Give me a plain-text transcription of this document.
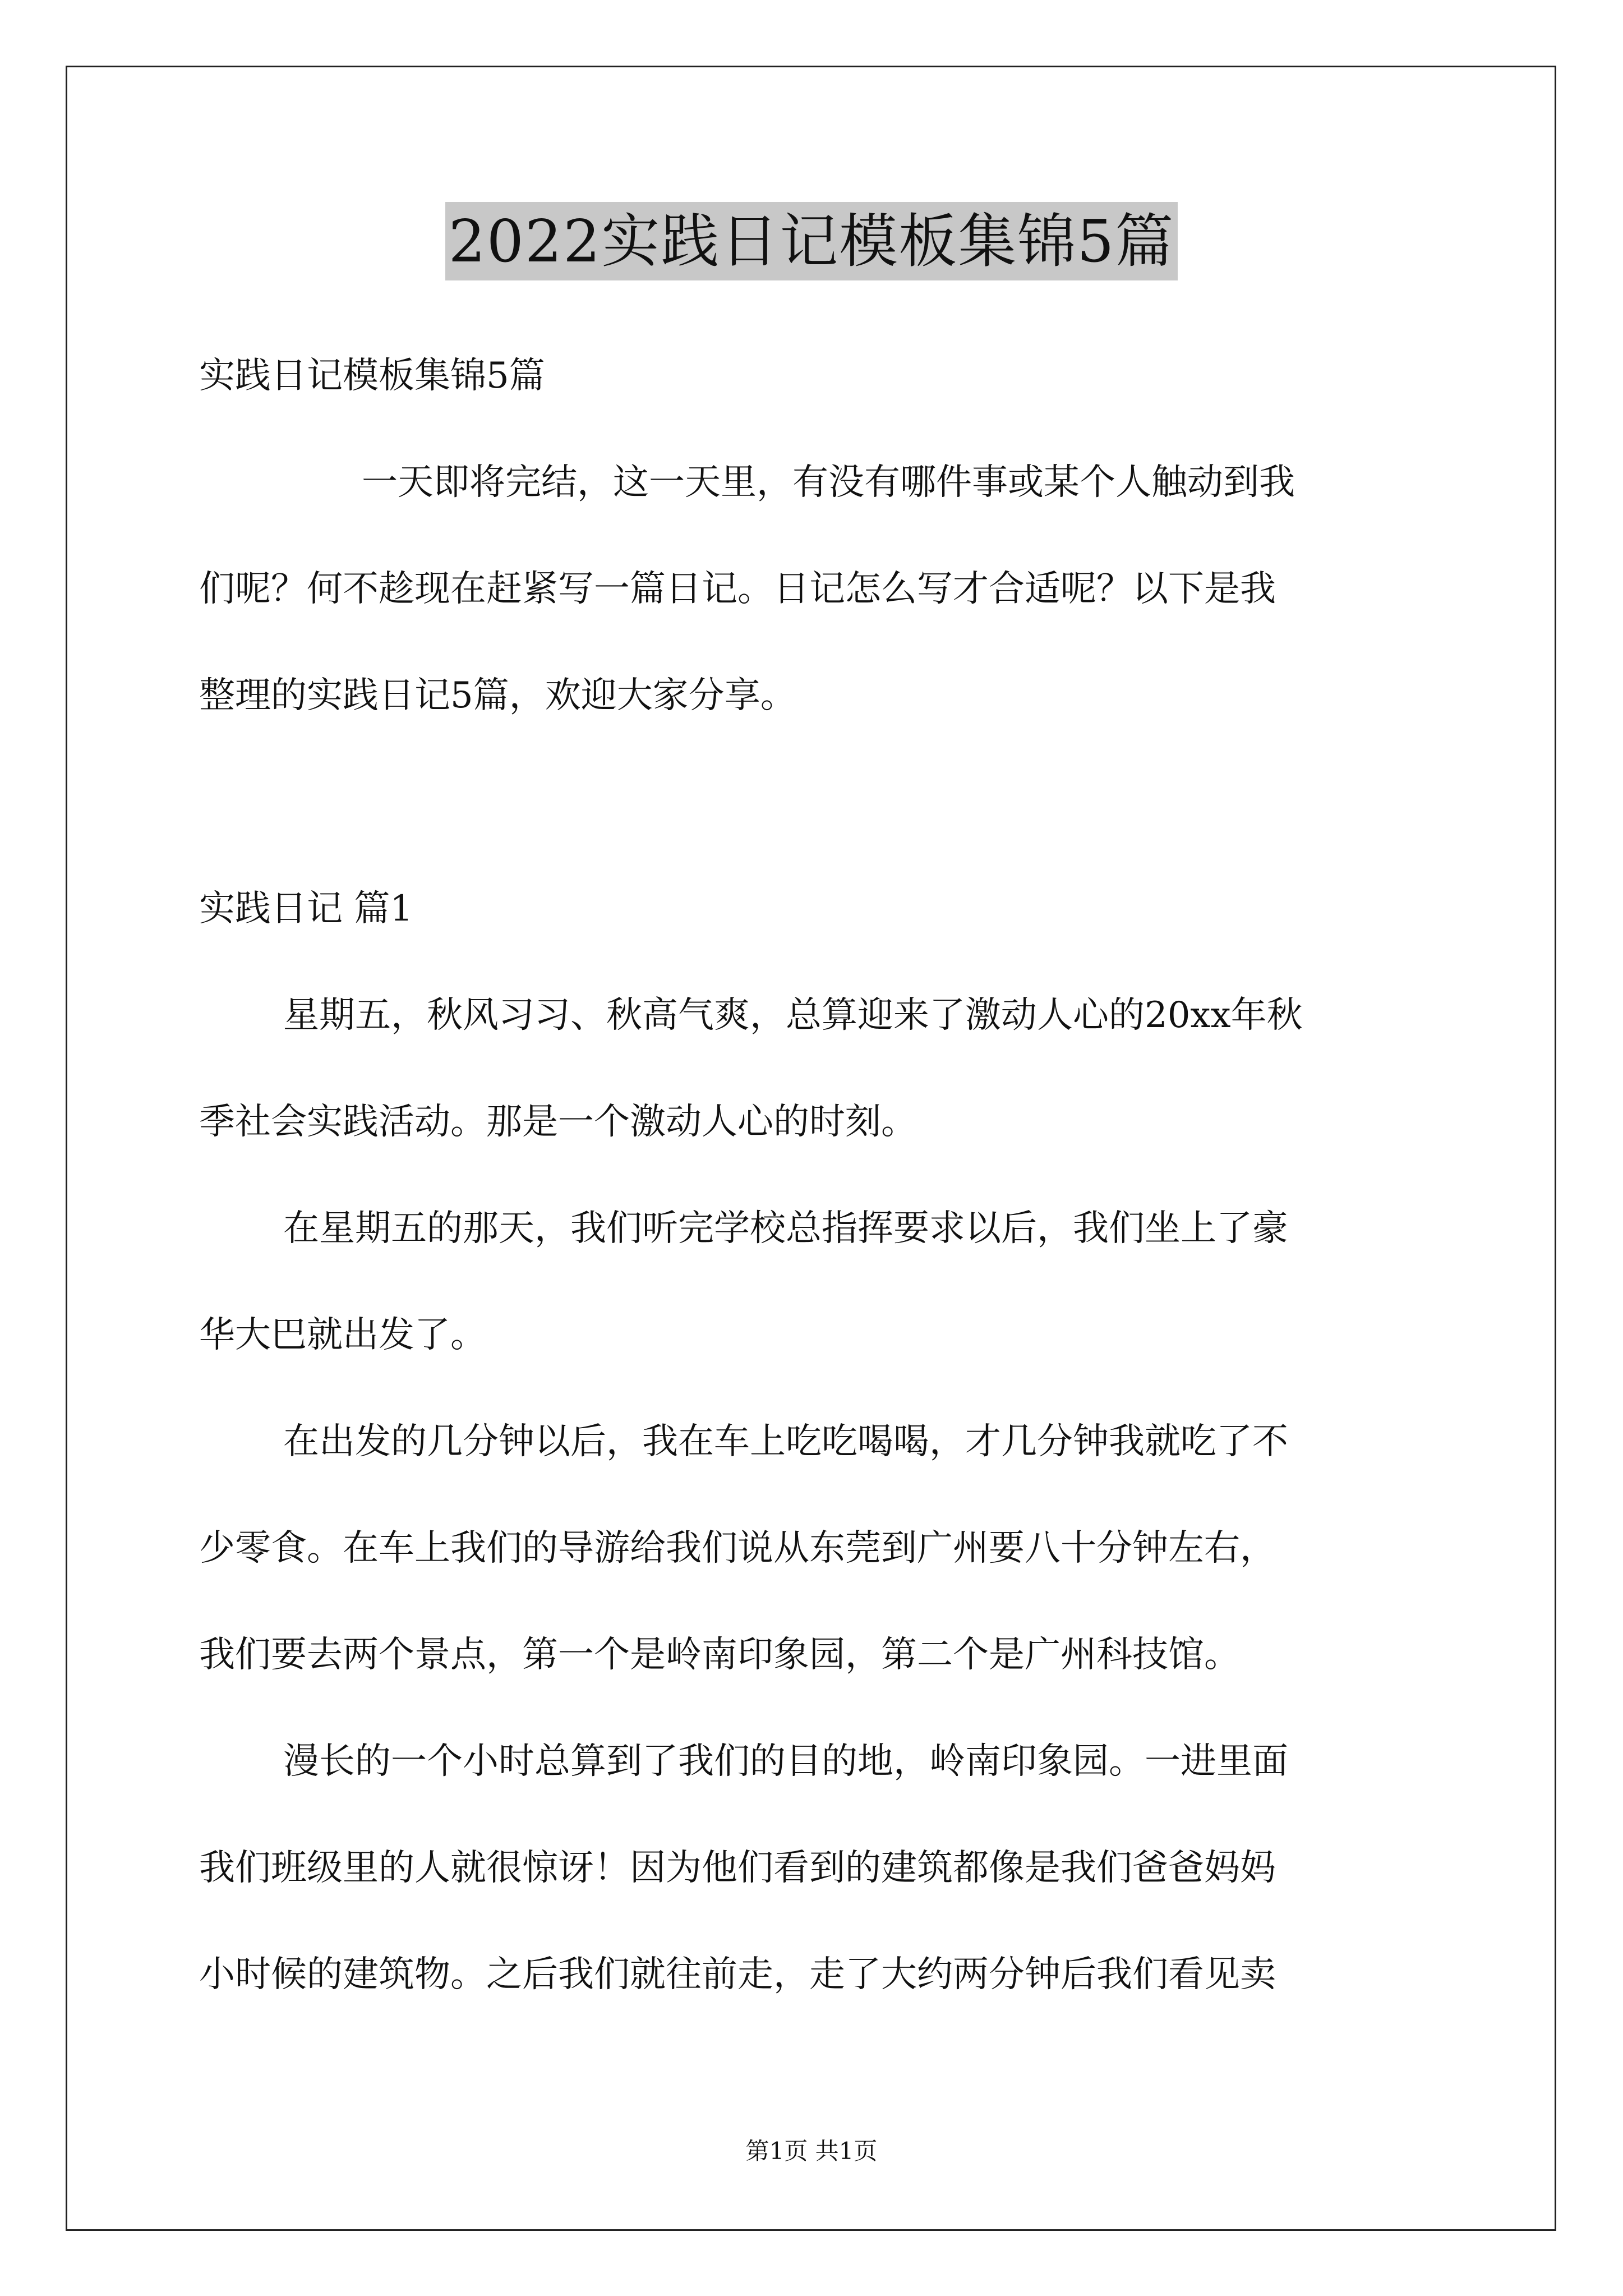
2022实践日记模板集锦5篇
实践日记模板集锦5篇
一天即将完结，这一天里，有没有哪件事或某个人触动到我
们呢？何不趁现在赶紧写一篇日记。日记怎么写才合适呢？以下是我
整理的实践日记5篇，欢迎大家分享。
实践日记 篇1
星期五，秋风习习、秋高气爽，总算迎来了激动人心的20xx年秋
季社会实践活动。那是一个激动人心的时刻。
在星期五的那天，我们听完学校总指挥要求以后，我们坐上了豪
华大巴就出发了。
在出发的几分钟以后，我在车上吃吃喝喝，才几分钟我就吃了不
少零食。在车上我们的导游给我们说从东莞到广州要八十分钟左右，
我们要去两个景点，第一个是岭南印象园，第二个是广州科技馆。
漫长的一个小时总算到了我们的目的地，岭南印象园。一进里面
我们班级里的人就很惊讶！因为他们看到的建筑都像是我们爸爸妈妈
小时候的建筑物。之后我们就往前走，走了大约两分钟后我们看见卖
第1页 共1页
